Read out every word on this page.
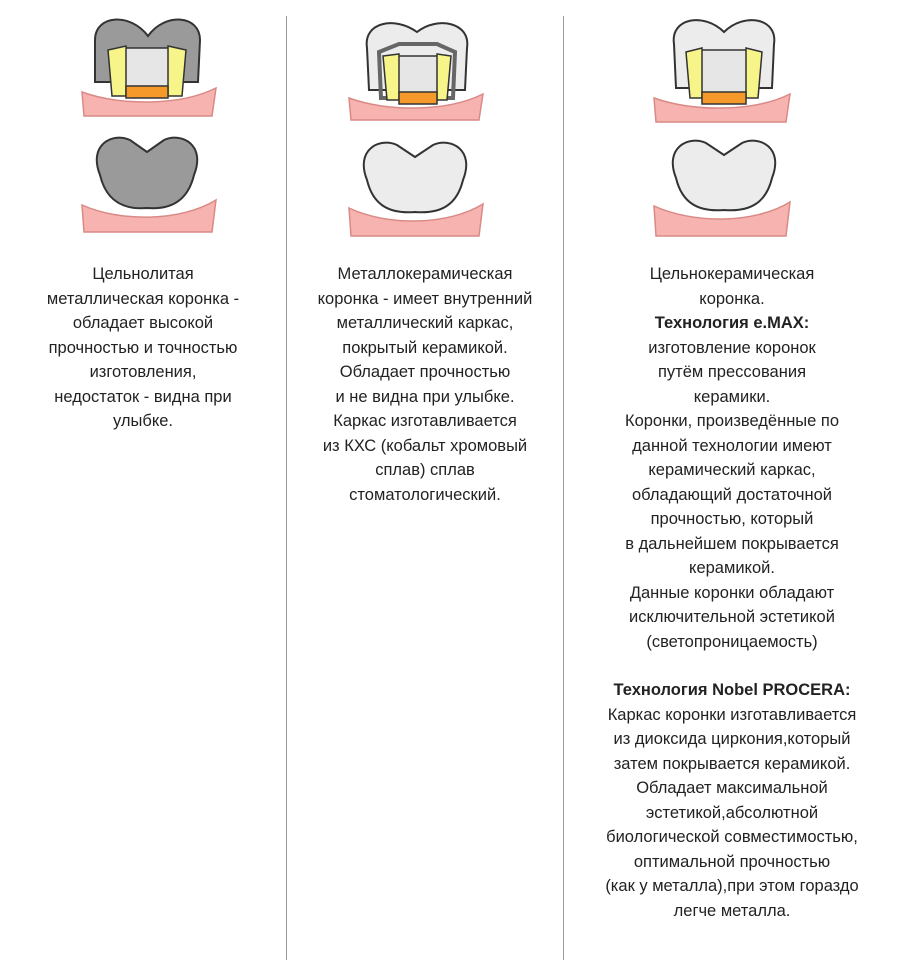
Цельнолитая
металлическая коронка -
обладает высокой
прочностью и точностью
изготовления,
недостаток - видна при
улыбке.
Металлокерамическая
коронка - имеет внутренний
металлический каркас,
покрытый керамикой.
Обладает прочностью
и не видна при улыбке.
Каркас изготавливается
из КХС (кобальт хромовый
сплав) сплав
стоматологический.
Цельнокерамическая
коронка.
Технология e.MAX:
изготовление коронок
путём прессования
керамики.
Коронки, произведённые по
данной технологии имеют
керамический каркас,
обладающий достаточной
прочностью, который
в дальнейшем покрывается
керамикой.
Данные коронки обладают
исключительной эстетикой
(светопроницаемость)
Технология Nobel PROCERA:
Каркас коронки изготавливается
из диоксида циркония,который
затем покрывается керамикой.
Обладает максимальной
эстетикой,абсолютной
биологической совместимостью,
оптимальной прочностью
(как у металла),при этом гораздо
легче металла.
